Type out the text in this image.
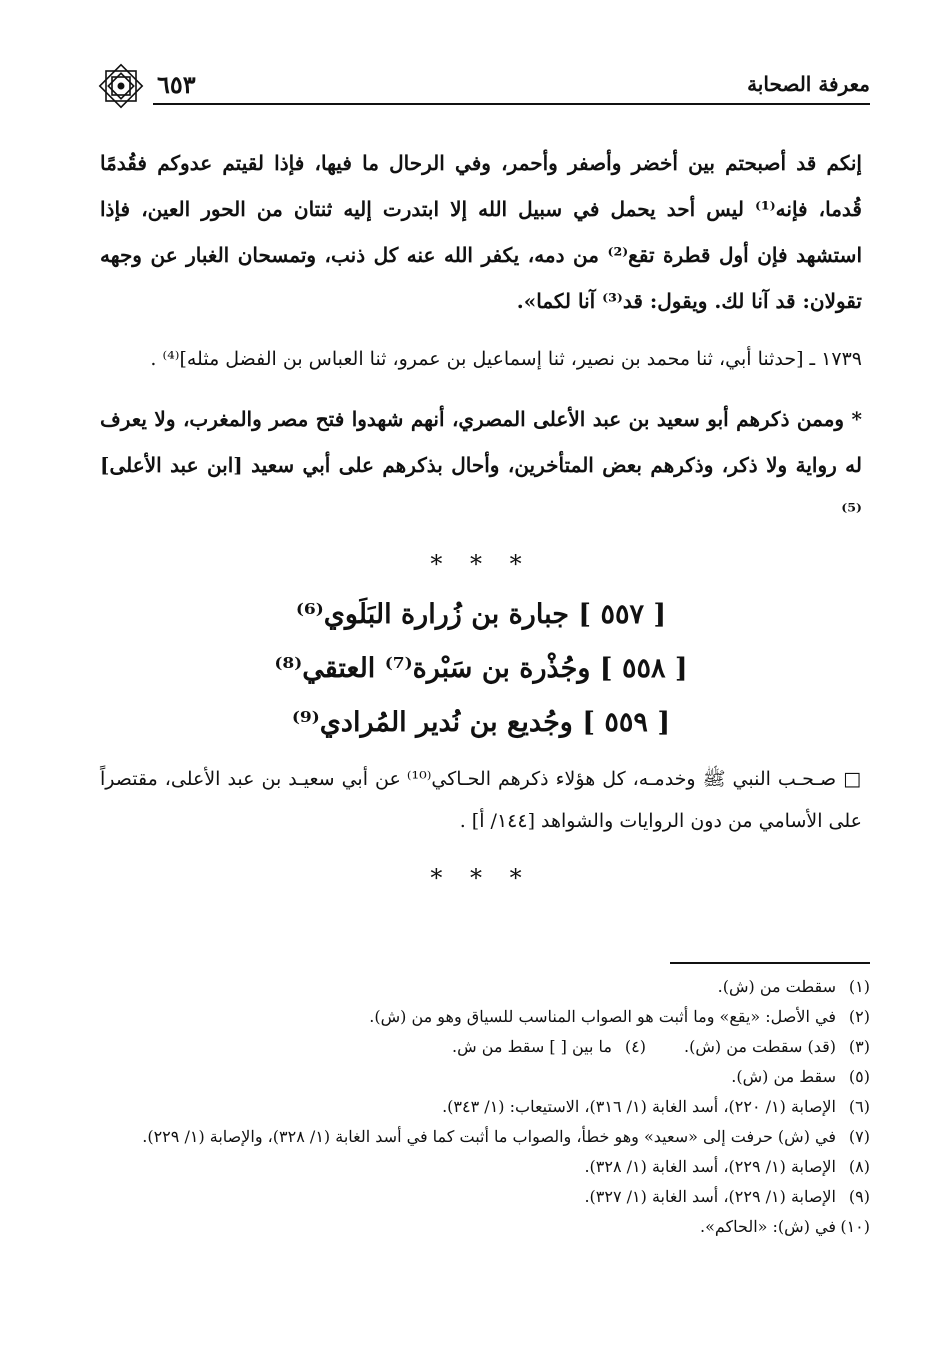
معرفة الصحابة
٦٥٣

إنكم قد أصبحتم بين أخضر وأصفر وأحمر، وفي الرحال ما فيها، فإذا لقيتم عدوكم فقُدمًا قُدما، فإنه⁽¹⁾ ليس أحد يحمل في سبيل الله إلا ابتدرت إليه ثنتان من الحور العين، فإذا استشهد فإن أول قطرة تقع⁽²⁾ من دمه، يكفر الله عنه كل ذنب، وتمسحان الغبار عن وجهه تقولان: قد آنا لك. ويقول: قد⁽³⁾ آنا لكما».

١٧٣٩ ـ [حدثنا أبي، ثنا محمد بن نصير، ثنا إسماعيل بن عمرو، ثنا العباس بن الفضل مثله]⁽⁴⁾ .

* وممن ذكرهم أبو سعيد بن عبد الأعلى المصري، أنهم شهدوا فتح مصر والمغرب، ولا يعرف له رواية ولا ذكر، وذكرهم بعض المتأخرين، وأحال بذكرهم على أبي سعيد [ابن عبد الأعلى]⁽⁵⁾

* * *
[ ٥٥٧ ] جبارة بن زُرارة البَلَوي⁽⁶⁾
[ ٥٥٨ ] وجُذْرة بن سَبْرة⁽⁷⁾ العتقي⁽⁸⁾
[ ٥٥٩ ] وجُديع بن نُدير المُرادي⁽⁹⁾

□ صـحـب النبي ﷺ وخدمـه، كل هؤلاء ذكرهم الحـاكي⁽¹⁰⁾ عن أبي سعيـد بن عبد الأعلى، مقتصراً على الأسامي من دون الروايات والشواهد [١٤٤/ أ] .

* * *
(١)
سقطت من (ش).
(٢)
في الأصل: «يقع» وما أثبت هو الصواب المناسب للسياق وهو من (ش).
(٣)
(قد) سقطت من (ش).
(٤)
ما بين [ ] سقط من ش.
(٥)
سقط من (ش).
(٦)
الإصابة (١/ ٢٢٠)، أسد الغابة (١/ ٣١٦)، الاستيعاب: (١/ ٣٤٣).
(٧)
في (ش) حرفت إلى «سعيد» وهو خطأ، والصواب ما أثبت كما في أسد الغابة (١/ ٣٢٨)، والإصابة (١/ ٢٢٩).
(٨)
الإصابة (١/ ٢٢٩)، أسد الغابة (١/ ٣٢٨).
(٩)
الإصابة (١/ ٢٢٩)، أسد الغابة (١/ ٣٢٧).
(١٠)
في (ش): «الحاكم».
